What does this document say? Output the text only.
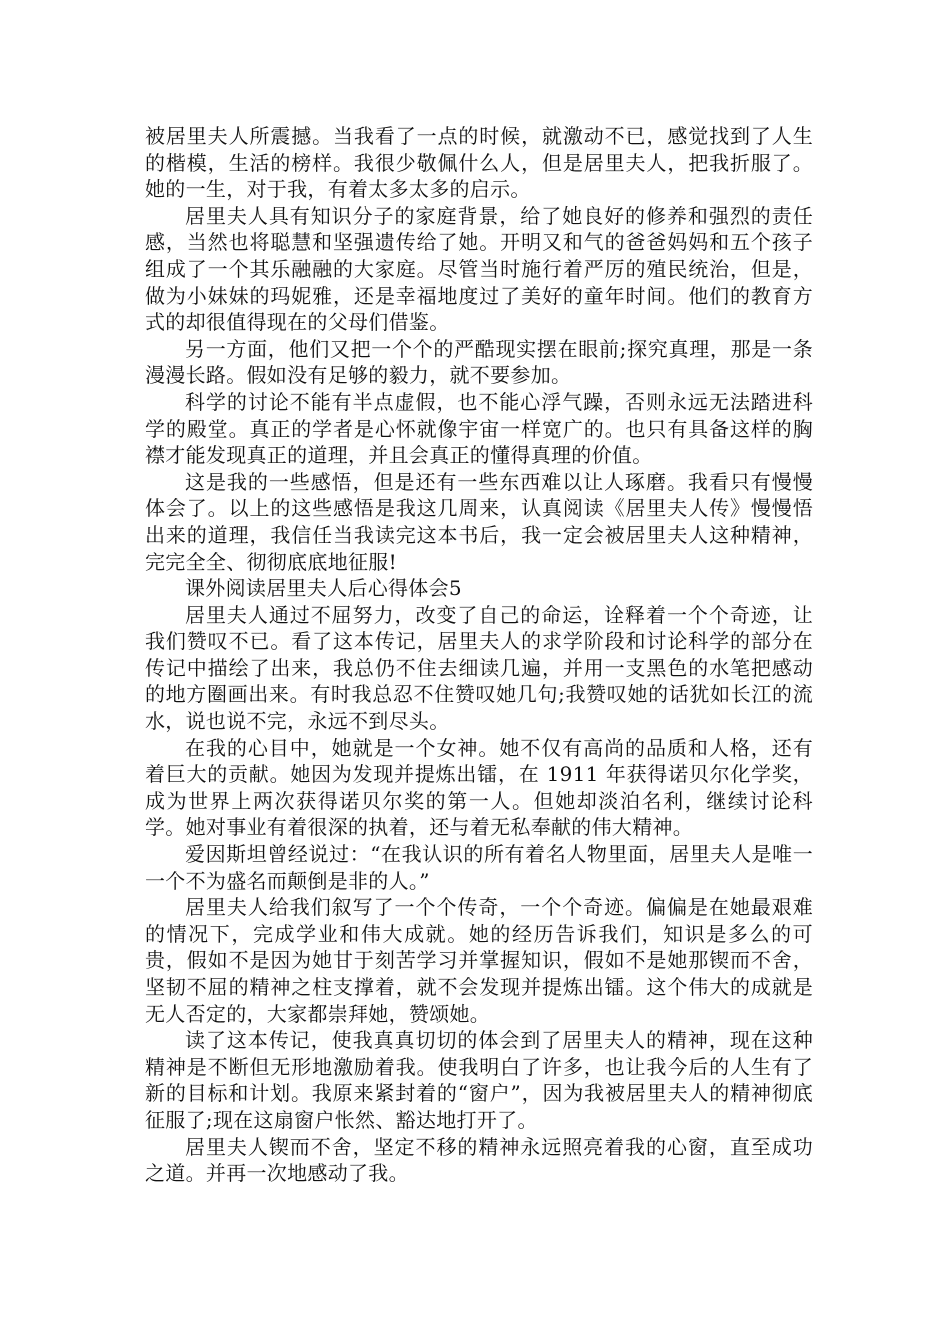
被居里夫人所震撼。当我看了一点的时候，就激动不已，感觉找到了人生的楷模，生活的榜样。我很少敬佩什么人，但是居里夫人，把我折服了。她的一生，对于我，有着太多太多的启示。

居里夫人具有知识分子的家庭背景，给了她良好的修养和强烈的责任感，当然也将聪慧和坚强遗传给了她。开明又和气的爸爸妈妈和五个孩子组成了一个其乐融融的大家庭。尽管当时施行着严厉的殖民统治，但是，做为小妹妹的玛妮雅，还是幸福地度过了美好的童年时间。他们的教育方式的却很值得现在的父母们借鉴。

另一方面，他们又把一个个的严酷现实摆在眼前;探究真理，那是一条漫漫长路。假如没有足够的毅力，就不要参加。

科学的讨论不能有半点虚假，也不能心浮气躁，否则永远无法踏进科学的殿堂。真正的学者是心怀就像宇宙一样宽广的。也只有具备这样的胸襟才能发现真正的道理，并且会真正的懂得真理的价值。

这是我的一些感悟，但是还有一些东西难以让人琢磨。我看只有慢慢体会了。以上的这些感悟是我这几周来，认真阅读《居里夫人传》慢慢悟出来的道理，我信任当我读完这本书后，我一定会被居里夫人这种精神，完完全全、彻彻底底地征服!

课外阅读居里夫人后心得体会5

居里夫人通过不屈努力，改变了自己的命运，诠释着一个个奇迹，让我们赞叹不已。看了这本传记，居里夫人的求学阶段和讨论科学的部分在传记中描绘了出来，我总仍不住去细读几遍，并用一支黑色的水笔把感动的地方圈画出来。有时我总忍不住赞叹她几句;我赞叹她的话犹如长江的流水，说也说不完，永远不到尽头。

在我的心目中，她就是一个女神。她不仅有高尚的品质和人格，还有着巨大的贡献。她因为发现并提炼出镭，在 1911 年获得诺贝尔化学奖，成为世界上两次获得诺贝尔奖的第一人。但她却淡泊名利，继续讨论科学。她对事业有着很深的执着，还与着无私奉献的伟大精神。

爱因斯坦曾经说过：“在我认识的所有着名人物里面，居里夫人是唯一一个不为盛名而颠倒是非的人。”

居里夫人给我们叙写了一个个传奇，一个个奇迹。偏偏是在她最艰难的情况下，完成学业和伟大成就。她的经历告诉我们，知识是多么的可贵，假如不是因为她甘于刻苦学习并掌握知识，假如不是她那锲而不舍，坚韧不屈的精神之柱支撑着，就不会发现并提炼出镭。这个伟大的成就是无人否定的，大家都崇拜她，赞颂她。

读了这本传记，使我真真切切的体会到了居里夫人的精神，现在这种精神是不断但无形地激励着我。使我明白了许多，也让我今后的人生有了新的目标和计划。我原来紧封着的“窗户”，因为我被居里夫人的精神彻底征服了;现在这扇窗户怅然、豁达地打开了。

居里夫人锲而不舍，坚定不移的精神永远照亮着我的心窗，直至成功之道。并再一次地感动了我。
